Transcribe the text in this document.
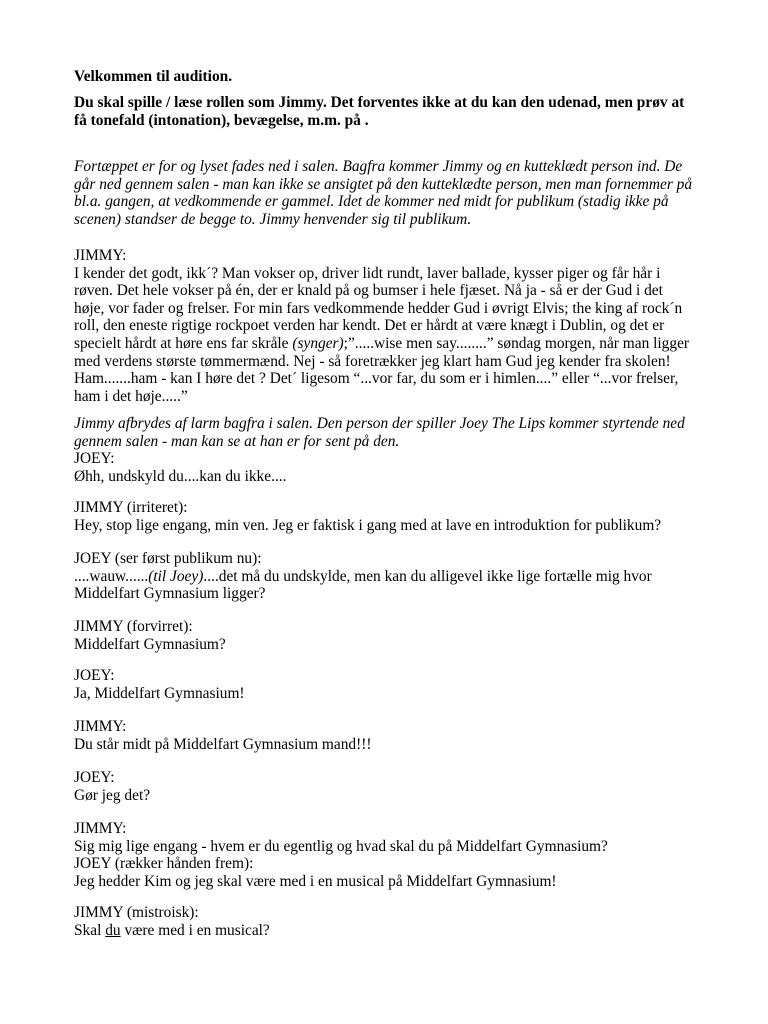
Velkommen til audition.

Du skal spille / læse rollen som Jimmy. Det forventes ikke at du kan den udenad, men prøv at
få tonefald (intonation), bevægelse, m.m. på .
Fortæppet er for og lyset fades ned i salen. Bagfra kommer Jimmy og en kutteklædt person ind. De
går ned gennem salen - man kan ikke se ansigtet på den kutteklædte person, men man fornemmer på
bl.a. gangen, at vedkommende er gammel. Idet de kommer ned midt for publikum (stadig ikke på
scenen) standser de begge to. Jimmy henvender sig til publikum.
JIMMY:
I kender det godt, ikk´? Man vokser op, driver lidt rundt, laver ballade, kysser piger og får hår i
røven. Det hele vokser på én, der er knald på og bumser i hele fjæset. Nå ja - så er der Gud i det
høje, vor fader og frelser. For min fars vedkommende hedder Gud i øvrigt Elvis; the king af rock´n
roll, den eneste rigtige rockpoet verden har kendt. Det er hårdt at være knægt i Dublin, og det er
specielt hårdt at høre ens far skråle (synger);”.....wise men say........” søndag morgen, når man ligger
med verdens største tømmermænd. Nej - så foretrækker jeg klart ham Gud jeg kender fra skolen!
Ham.......ham - kan I høre det ? Det´ ligesom “...vor far, du som er i himlen....” eller “...vor frelser,
ham i det høje.....”
Jimmy afbrydes af larm bagfra i salen. Den person der spiller Joey The Lips kommer styrtende ned
gennem salen - man kan se at han er for sent på den.
JOEY:
Øhh, undskyld du....kan du ikke....
JIMMY (irriteret):
Hey, stop lige engang, min ven. Jeg er faktisk i gang med at lave en introduktion for publikum?
JOEY (ser først publikum nu):
....wauw......(til Joey)....det må du undskylde, men kan du alligevel ikke lige fortælle mig hvor
Middelfart Gymnasium ligger?
JIMMY (forvirret):
Middelfart Gymnasium?
JOEY:
Ja, Middelfart Gymnasium!
JIMMY:
Du står midt på Middelfart Gymnasium mand!!!
JOEY:
Gør jeg det?
JIMMY:
Sig mig lige engang - hvem er du egentlig og hvad skal du på Middelfart Gymnasium?
JOEY (rækker hånden frem):
Jeg hedder Kim og jeg skal være med i en musical på Middelfart Gymnasium!
JIMMY (mistroisk):
Skal du være med i en musical?
